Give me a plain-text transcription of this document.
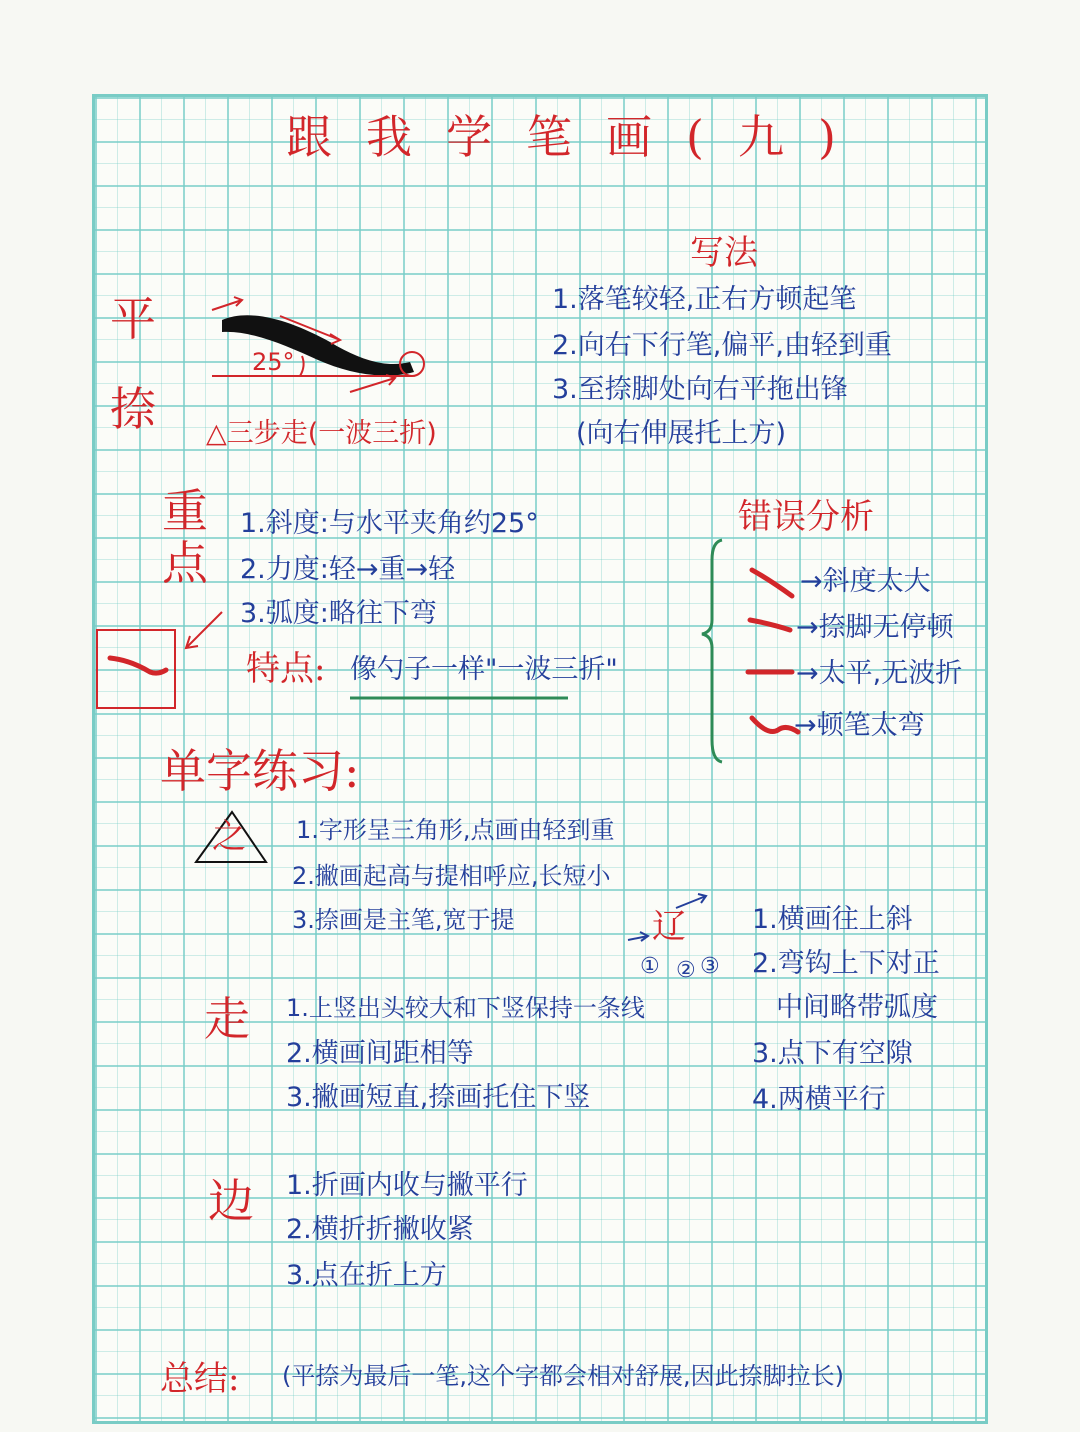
跟我学笔画(九)
平
捺
25°
△三步走(一波三折)
写法
1.落笔较轻,正右方顿起笔
2.向右下行笔,偏平,由轻到重
3.至捺脚处向右平拖出锋
(向右伸展托上方)
重
点
1.斜度:与水平夹角约25°
2.力度:轻→重→轻
3.弧度:略往下弯
特点: 像勺子一样"一波三折"
错误分析
→斜度太大
→捺脚无停顿
→太平,无波折
→顿笔太弯
单字练习:
之 1.字形呈三角形,点画由轻到重
2.撇画起高与提相呼应,长短小
3.捺画是主笔,宽于提
走 1.上竖出头较大和下竖保持一条线
2.横画间距相等
3.撇画短直,捺画托住下竖
边 1.折画内收与撇平行
2.横折折撇收紧
3.点在折上方
辽
① ② ③
1.横画往上斜
2.弯钩上下对正
中间略带弧度
3.点下有空隙
4.两横平行
总结: (平捺为最后一笔,这个字都会相对舒展,因此捺脚拉长)
